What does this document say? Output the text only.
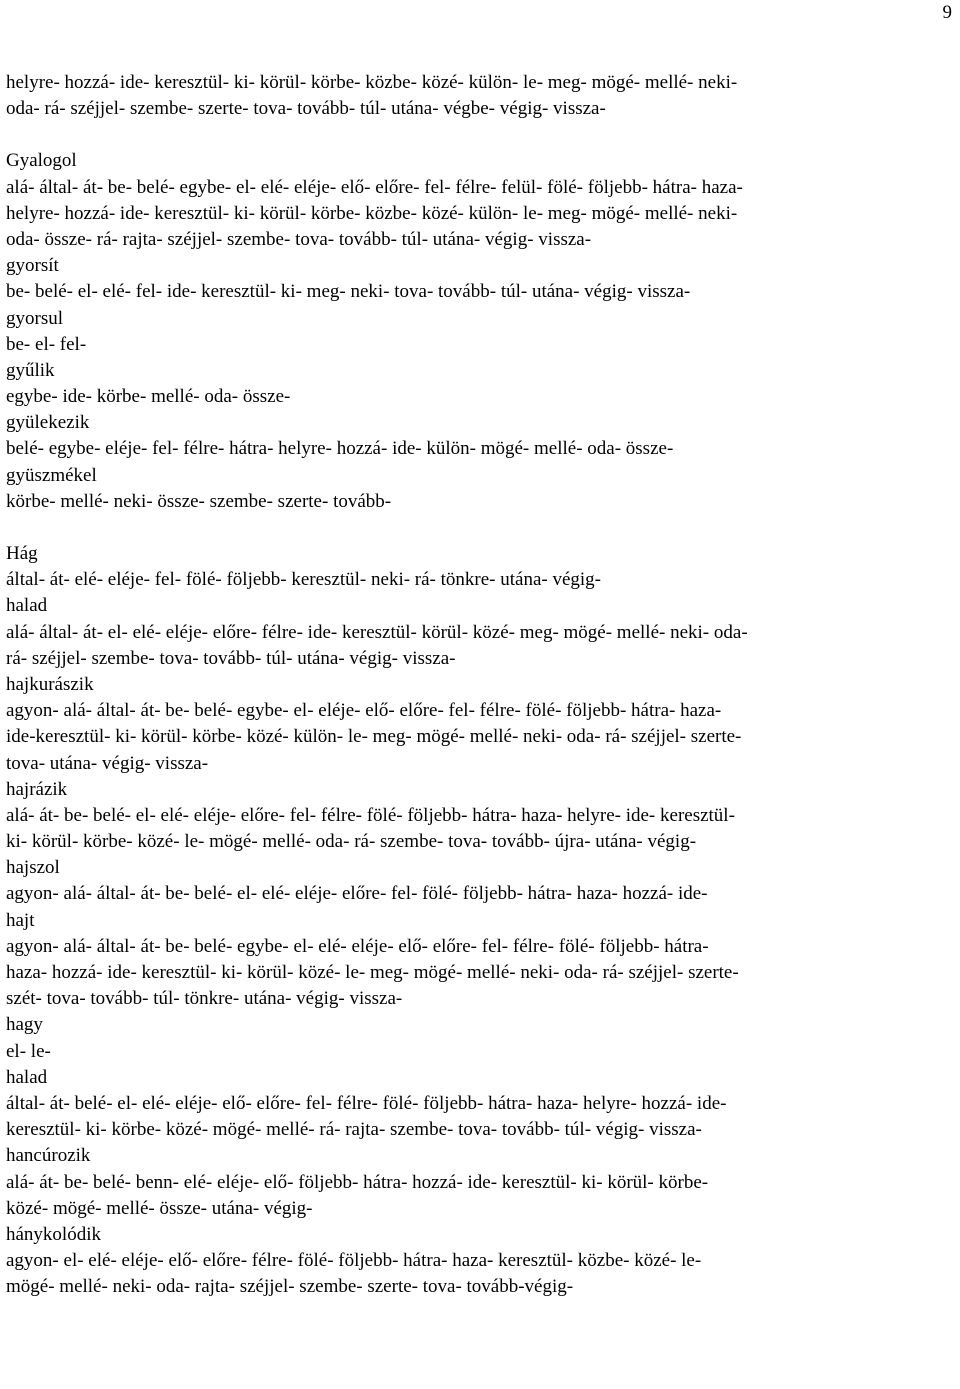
9
helyre- hozzá- ide- keresztül- ki- körül- körbe- közbe- közé- külön- le- meg- mögé- mellé- neki-
oda- rá- széjjel- szembe- szerte- tova- tovább- túl- utána- végbe- végig- vissza-
Gyalogol
alá- által- át- be- belé- egybe- el- elé- eléje- elő- előre- fel- félre- felül- fölé- följebb- hátra- haza-
helyre- hozzá- ide- keresztül- ki- körül- körbe- közbe- közé- külön- le- meg- mögé- mellé- neki-
oda- össze- rá- rajta- széjjel- szembe- tova- tovább- túl- utána- végig- vissza-
gyorsít
be- belé- el- elé- fel- ide- keresztül- ki- meg- neki- tova- tovább- túl- utána- végig- vissza-
gyorsul
be- el- fel-
gyűlik
egybe- ide- körbe- mellé- oda- össze-
gyülekezik
belé- egybe- eléje- fel- félre- hátra- helyre- hozzá- ide- külön- mögé- mellé- oda- össze-
gyüszmékel
körbe- mellé- neki- össze- szembe- szerte- tovább-
Hág
által- át- elé- eléje- fel- fölé- följebb- keresztül- neki- rá- tönkre- utána- végig-
halad
alá- által- át- el- elé- eléje- előre- félre- ide- keresztül- körül- közé- meg- mögé- mellé- neki- oda-
rá- széjjel- szembe- tova- tovább- túl- utána- végig- vissza-
hajkurászik
agyon- alá- által- át- be- belé- egybe- el- eléje- elő- előre- fel- félre- fölé- följebb- hátra- haza-
ide-keresztül- ki- körül- körbe- közé- külön- le- meg- mögé- mellé- neki- oda- rá- széjjel- szerte-
tova- utána- végig- vissza-
hajrázik
alá- át- be- belé- el- elé- eléje- előre- fel- félre- fölé- följebb- hátra- haza- helyre- ide- keresztül-
ki- körül- körbe- közé- le- mögé- mellé- oda- rá- szembe- tova- tovább- újra- utána- végig-
hajszol
agyon- alá- által- át- be- belé- el- elé- eléje- előre- fel- fölé- följebb- hátra- haza- hozzá- ide-
hajt
agyon- alá- által- át- be- belé- egybe- el- elé- eléje- elő- előre- fel- félre- fölé- följebb- hátra-
haza- hozzá- ide- keresztül- ki- körül- közé- le- meg- mögé- mellé- neki- oda- rá- széjjel- szerte-
szét- tova- tovább- túl- tönkre- utána- végig- vissza-
hagy
el- le-
halad
által- át- belé- el- elé- eléje- elő- előre- fel- félre- fölé- följebb- hátra- haza- helyre- hozzá- ide-
keresztül- ki- körbe- közé- mögé- mellé- rá- rajta- szembe- tova- tovább- túl- végig- vissza-
hancúrozik
alá- át- be- belé- benn- elé- eléje- elő- följebb- hátra- hozzá- ide- keresztül- ki- körül- körbe-
közé- mögé- mellé- össze- utána- végig-
hánykolódik
agyon- el- elé- eléje- elő- előre- félre- fölé- följebb- hátra- haza- keresztül- közbe- közé- le-
mögé- mellé- neki- oda- rajta- széjjel- szembe- szerte- tova- tovább-végig-
